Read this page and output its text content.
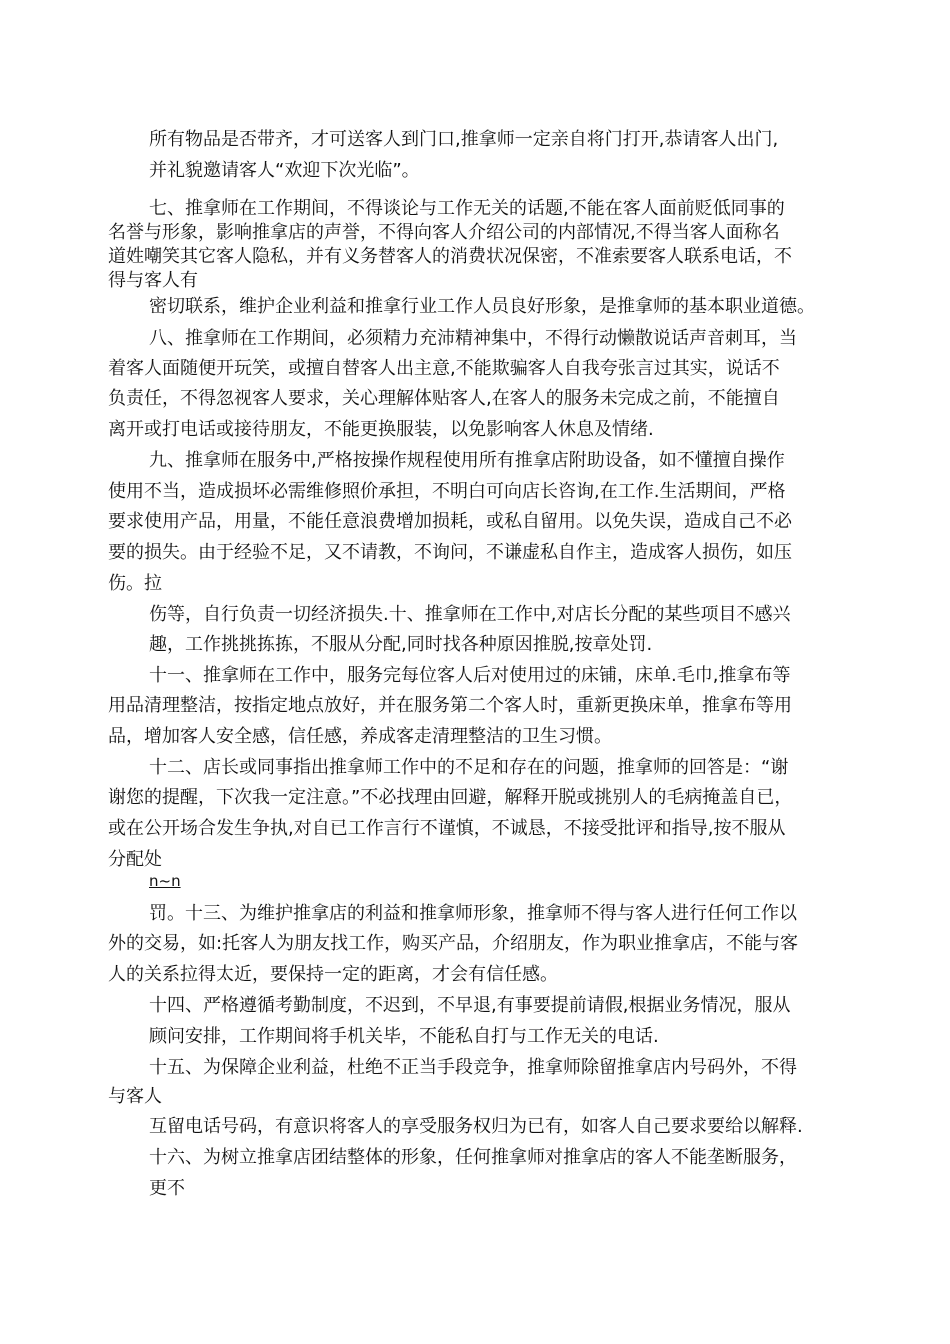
所有物品是否带齐，才可送客人到门口,推拿师一定亲自将门打开,恭请客人出门,
并礼貌邀请客人“欢迎下次光临”。
七、推拿师在工作期间，不得谈论与工作无关的话题,不能在客人面前贬低同事的
名誉与形象，影响推拿店的声誉，不得向客人介绍公司的内部情况,不得当客人面称名
道姓嘲笑其它客人隐私，并有义务替客人的消费状况保密，不准索要客人联系电话，不
得与客人有
密切联系，维护企业利益和推拿行业工作人员良好形象，是推拿师的基本职业道德。
八、推拿师在工作期间，必须精力充沛精神集中，不得行动懒散说话声音刺耳，当
着客人面随便开玩笑，或擅自替客人出主意,不能欺骗客人自我夸张言过其实，说话不
负责任，不得忽视客人要求，关心理解体贴客人,在客人的服务未完成之前，不能擅自
离开或打电话或接待朋友，不能更换服装，以免影响客人休息及情绪.
九、推拿师在服务中,严格按操作规程使用所有推拿店附助设备，如不懂擅自操作
使用不当，造成损坏必需维修照价承担，不明白可向店长咨询,在工作.生活期间，严格
要求使用产品，用量，不能任意浪费增加损耗，或私自留用。以免失误，造成自己不必
要的损失。由于经验不足，又不请教，不询问，不谦虚私自作主，造成客人损伤，如压
伤。拉
伤等，自行负责一切经济损失.十、推拿师在工作中,对店长分配的某些项目不感兴
趣，工作挑挑拣拣，不服从分配,同时找各种原因推脱,按章处罚.
十一、推拿师在工作中，服务完每位客人后对使用过的床铺，床单.毛巾,推拿布等
用品清理整洁，按指定地点放好，并在服务第二个客人时，重新更换床单，推拿布等用
品，增加客人安全感，信任感，养成客走清理整洁的卫生习惯。
十二、店长或同事指出推拿师工作中的不足和存在的问题，推拿师的回答是：“谢
谢您的提醒，下次我一定注意。”不必找理由回避，解释开脱或挑别人的毛病掩盖自已，
或在公开场合发生争执,对自已工作言行不谨慎，不诚恳，不接受批评和指导,按不服从
分配处
n~n
罚。十三、为维护推拿店的利益和推拿师形象，推拿师不得与客人进行任何工作以
外的交易，如:托客人为朋友找工作，购买产品，介绍朋友，作为职业推拿店，不能与客
人的关系拉得太近，要保持一定的距离，才会有信任感。
十四、严格遵循考勤制度，不迟到，不早退,有事要提前请假,根据业务情况，服从
顾问安排，工作期间将手机关毕，不能私自打与工作无关的电话.
十五、为保障企业利益，杜绝不正当手段竞争，推拿师除留推拿店内号码外，不得
与客人
互留电话号码，有意识将客人的享受服务权归为已有，如客人自己要求要给以解释.
十六、为树立推拿店团结整体的形象，任何推拿师对推拿店的客人不能垄断服务，
更不
